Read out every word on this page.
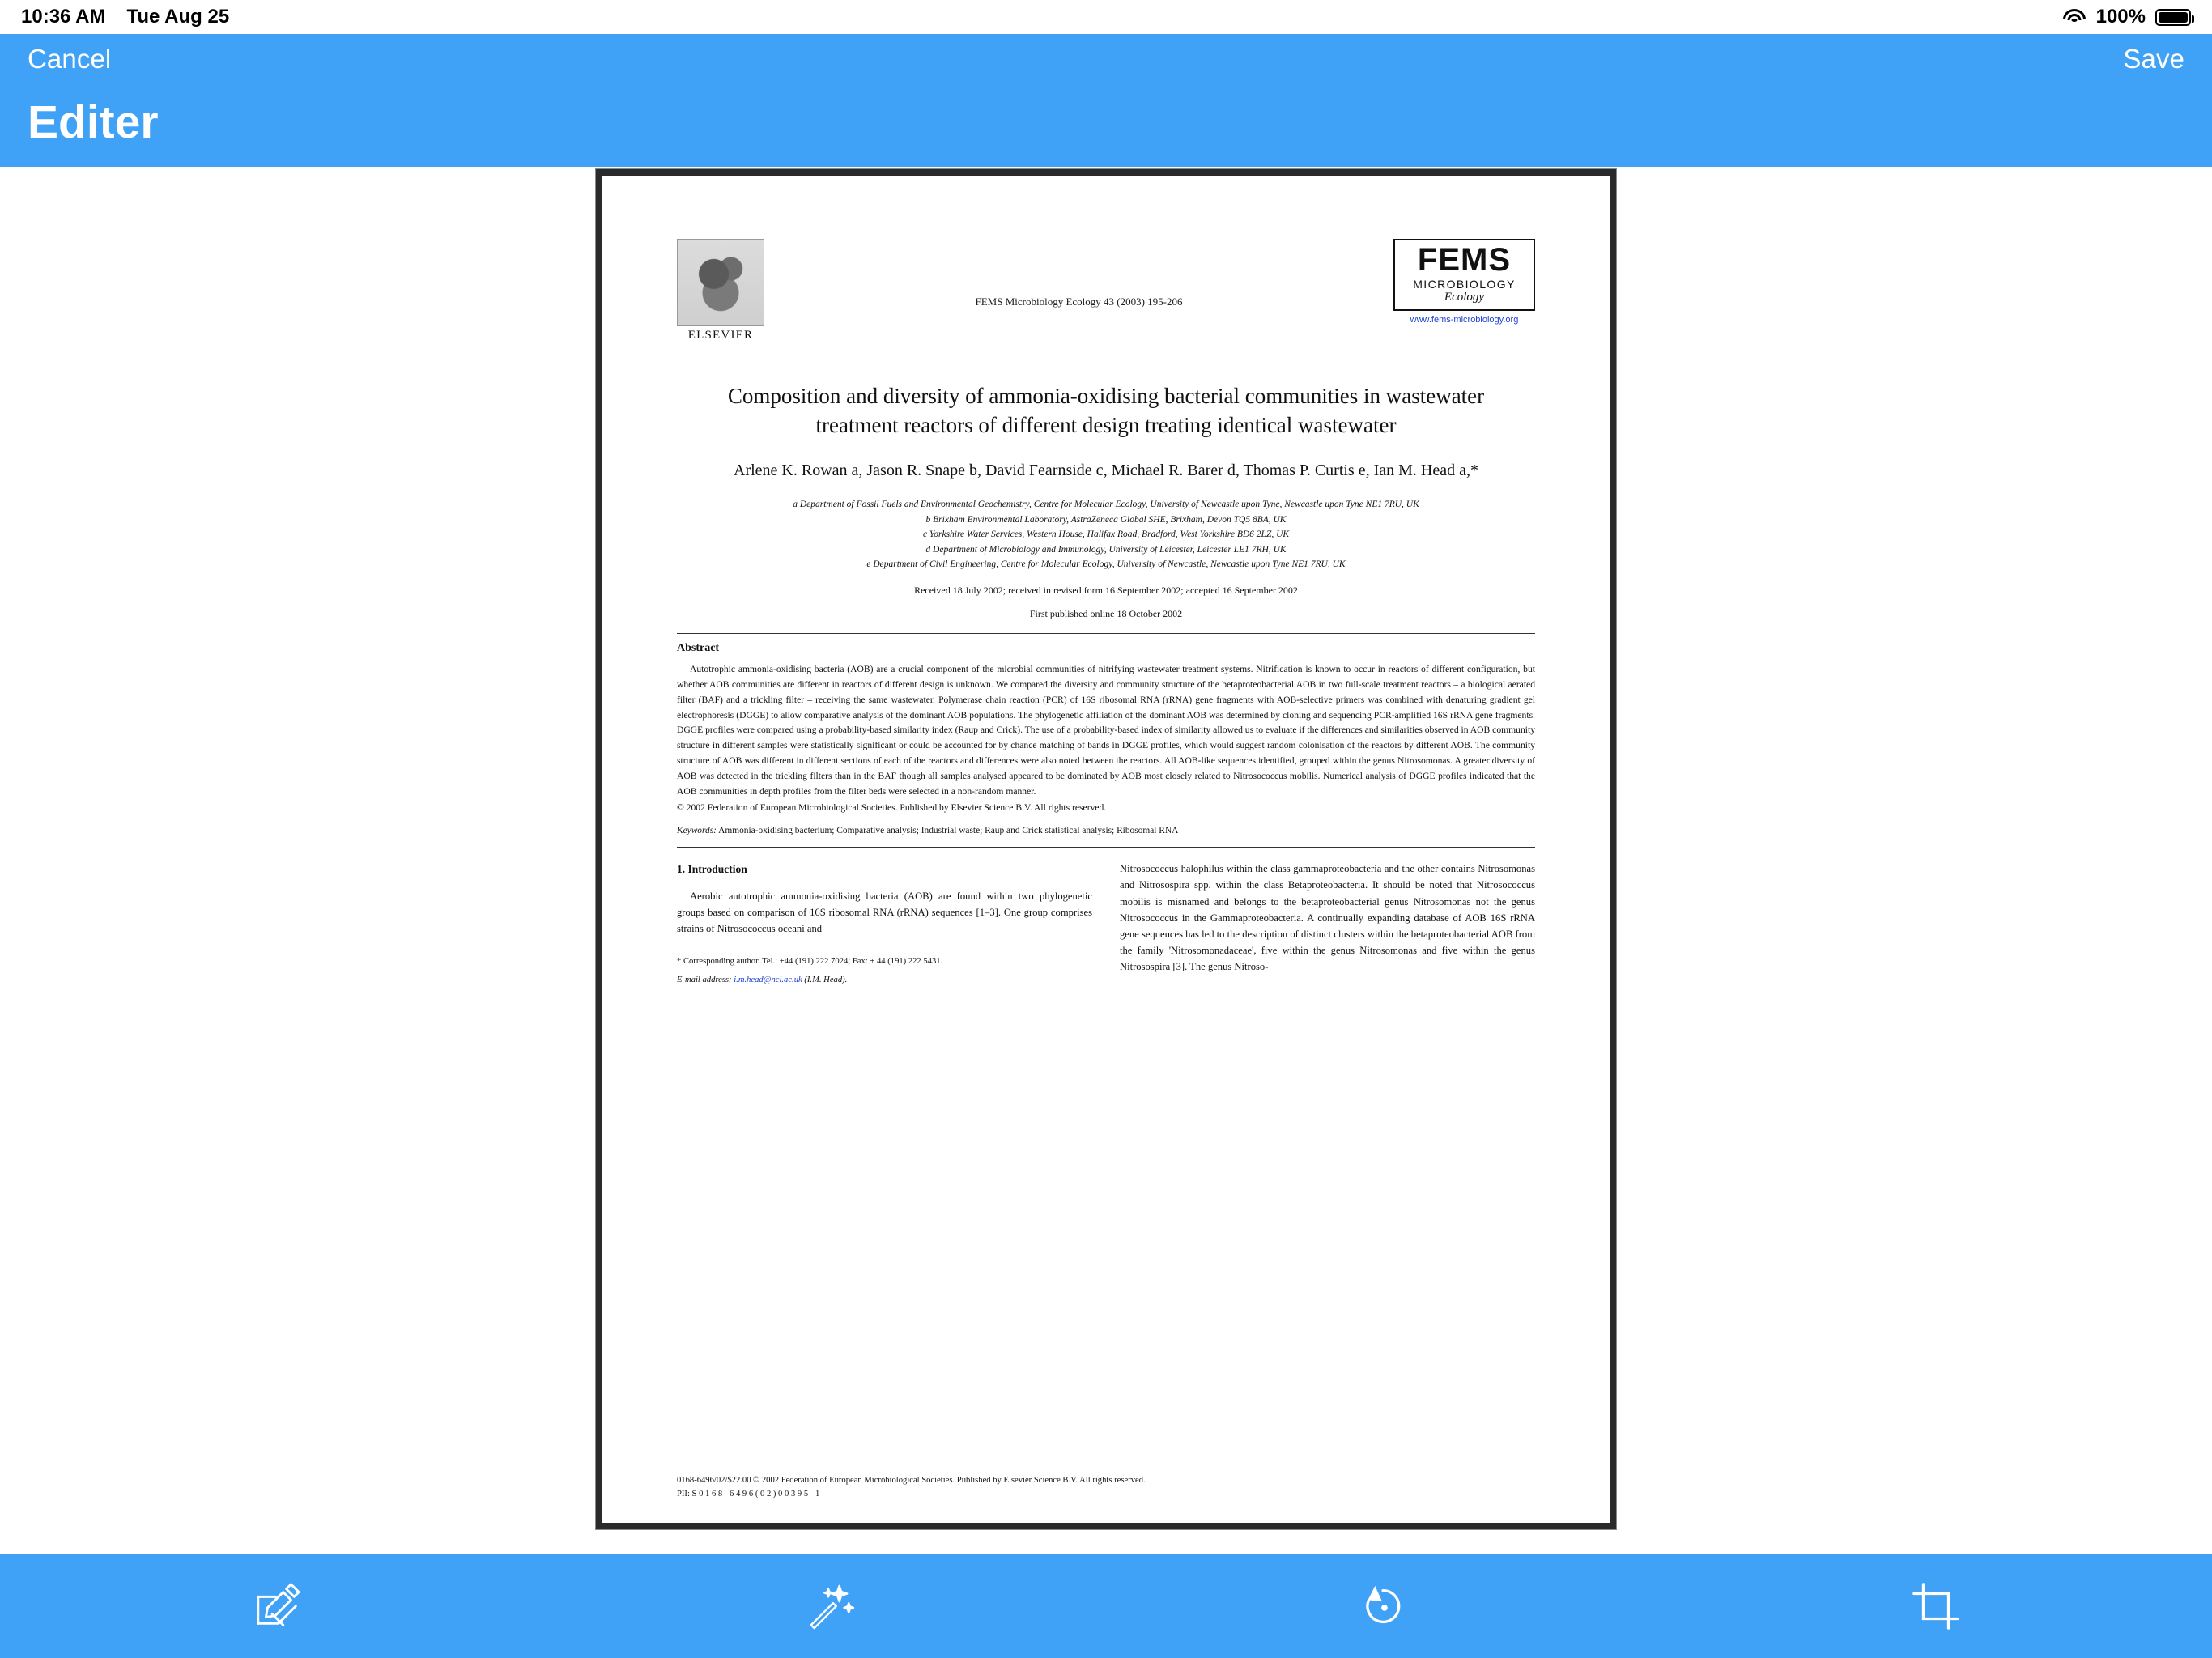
10:36 AM Tue Aug 25	100%
Cancel	Save
Editer
ELSEVIER
FEMS Microbiology Ecology 43 (2003) 195-206
FEMS
MICROBIOLOGY
Ecology
www.fems-microbiology.org
Composition and diversity of ammonia-oxidising bacterial communities in wastewater treatment reactors of different design treating identical wastewater
Arlene K. Rowan a, Jason R. Snape b, David Fearnside c, Michael R. Barer d, Thomas P. Curtis e, Ian M. Head a,*
a Department of Fossil Fuels and Environmental Geochemistry, Centre for Molecular Ecology, University of Newcastle upon Tyne, Newcastle upon Tyne NE1 7RU, UK
b Brixham Environmental Laboratory, AstraZeneca Global SHE, Brixham, Devon TQ5 8BA, UK
c Yorkshire Water Services, Western House, Halifax Road, Bradford, West Yorkshire BD6 2LZ, UK
d Department of Microbiology and Immunology, University of Leicester, Leicester LE1 7RH, UK
e Department of Civil Engineering, Centre for Molecular Ecology, University of Newcastle, Newcastle upon Tyne NE1 7RU, UK
Received 18 July 2002; received in revised form 16 September 2002; accepted 16 September 2002
First published online 18 October 2002
Abstract
Autotrophic ammonia-oxidising bacteria (AOB) are a crucial component of the microbial communities of nitrifying wastewater treatment systems. Nitrification is known to occur in reactors of different configuration, but whether AOB communities are different in reactors of different design is unknown. We compared the diversity and community structure of the betaproteobacterial AOB in two full-scale treatment reactors – a biological aerated filter (BAF) and a trickling filter – receiving the same wastewater. Polymerase chain reaction (PCR) of 16S ribosomal RNA (rRNA) gene fragments with AOB-selective primers was combined with denaturing gradient gel electrophoresis (DGGE) to allow comparative analysis of the dominant AOB populations. The phylogenetic affiliation of the dominant AOB was determined by cloning and sequencing PCR-amplified 16S rRNA gene fragments. DGGE profiles were compared using a probability-based similarity index (Raup and Crick). The use of a probability-based index of similarity allowed us to evaluate if the differences and similarities observed in AOB community structure in different samples were statistically significant or could be accounted for by chance matching of bands in DGGE profiles, which would suggest random colonisation of the reactors by different AOB. The community structure of AOB was different in different sections of each of the reactors and differences were also noted between the reactors. All AOB-like sequences identified, grouped within the genus Nitrosomonas. A greater diversity of AOB was detected in the trickling filters than in the BAF though all samples analysed appeared to be dominated by AOB most closely related to Nitrosococcus mobilis. Numerical analysis of DGGE profiles indicated that the AOB communities in depth profiles from the filter beds were selected in a non-random manner.
© 2002 Federation of European Microbiological Societies. Published by Elsevier Science B.V. All rights reserved.
Keywords: Ammonia-oxidising bacterium; Comparative analysis; Industrial waste; Raup and Crick statistical analysis; Ribosomal RNA
1. Introduction
Aerobic autotrophic ammonia-oxidising bacteria (AOB) are found within two phylogenetic groups based on comparison of 16S ribosomal RNA (rRNA) sequences [1–3]. One group comprises strains of Nitrosococcus oceani and
* Corresponding author. Tel.: +44 (191) 222 7024; Fax: + 44 (191) 222 5431.
E-mail address: i.m.head@ncl.ac.uk (I.M. Head).
Nitrosococcus halophilus within the class gammaproteobacteria and the other contains Nitrosomonas and Nitrosospira spp. within the class Betaproteobacteria. It should be noted that Nitrosococcus mobilis is misnamed and belongs to the betaproteobacterial genus Nitrosomonas not the genus Nitrosococcus in the Gammaproteobacteria. A continually expanding database of AOB 16S rRNA gene sequences has led to the description of distinct clusters within the betaproteobacterial AOB from the family 'Nitrosomonadaceae', five within the genus Nitrosomonas and five within the genus Nitrosospira [3]. The genus Nitroso-
0168-6496/02/$22.00 © 2002 Federation of European Microbiological Societies. Published by Elsevier Science B.V. All rights reserved.
PII: S 0 1 6 8 - 6 4 9 6 ( 0 2 ) 0 0 3 9 5 - 1
